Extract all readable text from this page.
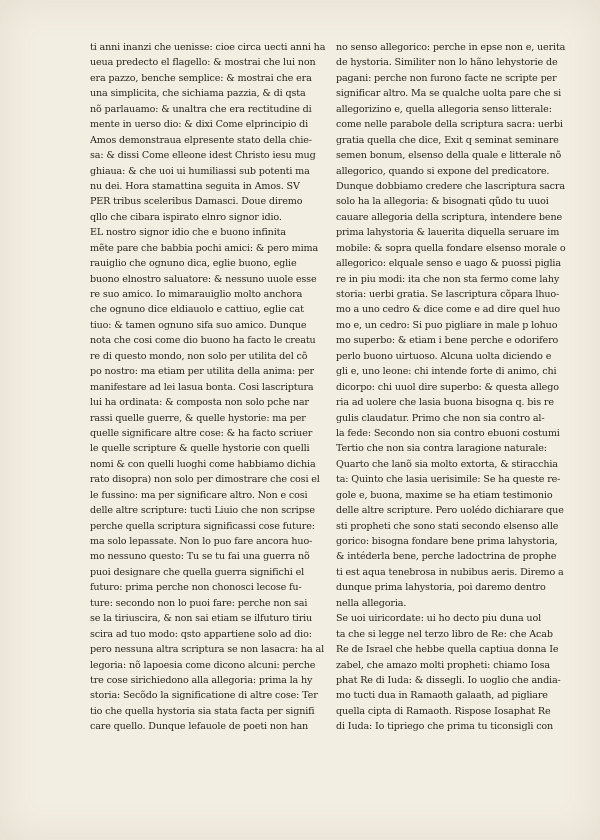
ti anni inanzi che uenisse: cioe circa uecti anni ha
ueua predecto el flagello: & mostrai che lui non
era pazzo, benche semplice: & mostrai che era
una simplicita, che sichiama pazzia, & di qsta
nõ parlauamo: & unaltra che era rectitudine di
mente in uerso dio: & dixi Come elprincipio di
Amos demonstraua elpresente stato della chie-
sa: & dissi Come elleone idest Christo iesu mug
ghiaua: & che uoi ui humiliassi sub potenti ma
nu dei. Hora stamattina seguita in Amos. SV
PER tribus sceleribus Damasci. Doue diremo
qllo che cibara ispirato elnro signor idio.
EL nostro signor idio che e buono infinita
mẽte pare che babbia pochi amici: & pero mima
rauiglio che ognuno dica, eglie buono, eglie
buono elnostro saluatore: & nessuno uuole esse
re suo amico. Io mimarauiglio molto anchora
che ognuno dice eldiauolo e cattiuo, eglie cat
tiuo: & tamen ognuno sifa suo amico. Dunque
nota che cosi come dio buono ha facto le creatu
re di questo mondo, non solo per utilita del cõ
po nostro: ma etiam per utilita della anima: per
manifestare ad lei lasua bonta. Cosi lascriptura
lui ha ordinata: & composta non solo pche nar
rassi quelle guerre, & quelle hystorie: ma per
quelle significare altre cose: & ha facto scriuer
le quelle scripture & quelle hystorie con quelli
nomi & con quelli luoghi come habbiamo dichia
rato disopra) non solo per dimostrare che cosi el
le fussino: ma per significare altro. Non e cosi
delle altre scripture: tucti Liuio che non scripse
perche quella scriptura significassi cose future:
ma solo lepassate. Non lo puo fare ancora huo-
mo nessuno questo: Tu se tu fai una guerra nõ
puoi designare che quella guerra significhi el
futuro: prima perche non chonosci lecose fu-
ture: secondo non lo puoi fare: perche non sai
se la tiriuscira, & non sai etiam se ilfuturo tiriu
scira ad tuo modo: qsto appartiene solo ad dio:
pero nessuna altra scriptura se non lasacra: ha al
legoria: nõ lapoesia come dicono alcuni: perche
tre cose sirichiedono alla allegoria: prima la hy
storia: Secõdo la significatione di altre cose: Ter
tio che quella hystoria sia stata facta per signifi
care quello. Dunque lefauole de poeti non han
no senso allegorico: perche in epse non e, uerita
de hystoria. Similiter non lo hãno lehystorie de
pagani: perche non furono facte ne scripte per
significar altro. Ma se qualche uolta pare che si
allegorizino e, quella allegoria senso litterale:
come nelle parabole della scriptura sacra: uerbi
gratia quella che dice, Exit q seminat seminare
semen bonum, elsenso della quale e litterale nõ
allegorico, quando si expone del predicatore.
Dunque dobbiamo credere che lascriptura sacra
solo ha la allegoria: & bisognati qũdo tu uuoi
cauare allegoria della scriptura, intendere bene
prima lahystoria & lauerita diquella seruare im
mobile: & sopra quella fondare elsenso morale o
allegorico: elquale senso e uago & puossi piglia
re in piu modi: ita che non sta fermo come lahy
storia: uerbi gratia. Se lascriptura cõpara lhuo-
mo a uno cedro & dice come e ad dire quel huo
mo e, un cedro: Si puo pigliare in male p lohuo
mo superbo: & etiam i bene perche e odorifero
perlo buono uirtuoso. Alcuna uolta diciendo e
gli e, uno leone: chi intende forte di animo, chi
dicorpo: chi uuol dire superbo: & questa allego
ria ad uolere che lasia buona bisogna q. bis re
gulis claudatur. Primo che non sia contro al-
la fede: Secondo non sia contro ebuoni costumi
Tertio che non sia contra laragione naturale:
Quarto che lanõ sia molto extorta, & stiracchia
ta: Quinto che lasia uerisimile: Se ha queste re-
gole e, buona, maxime se ha etiam testimonio
delle altre scripture. Pero uolédo dichiarare que
sti propheti che sono stati secondo elsenso alle
gorico: bisogna fondare bene prima lahystoria,
& intéderla bene, perche ladoctrina de prophe
ti est aqua tenebrosa in nubibus aeris. Diremo a
dunque prima lahystoria, poi daremo dentro
nella allegoria.
Se uoi uiricordate: ui ho decto piu duna uol
ta che si legge nel terzo libro de Re: che Acab
Re de Israel che hebbe quella captiua donna Ie
zabel, che amazo molti propheti: chiamo Iosa
phat Re di Iuda: & dissegli. Io uoglio che andia-
mo tucti dua in Ramaoth galaath, ad pigliare
quella cipta di Ramaoth. Rispose Iosaphat Re
di Iuda: Io tipriego che prima tu ticonsigli con
